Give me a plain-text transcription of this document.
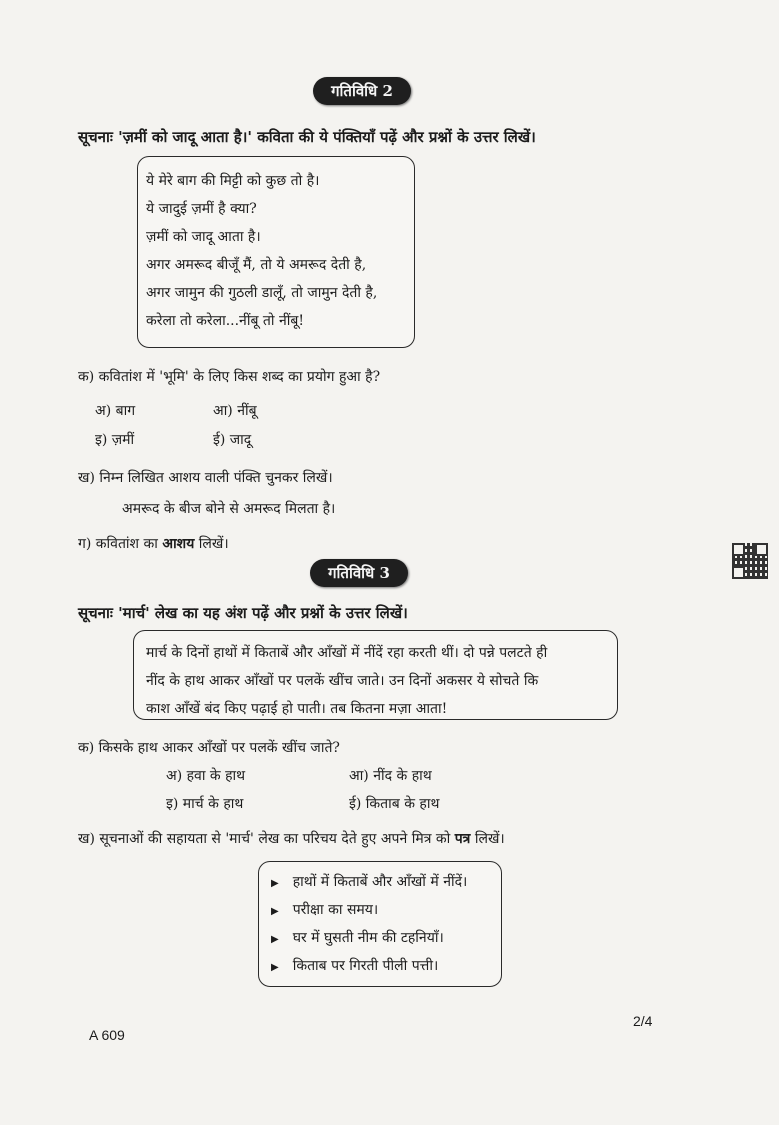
गतिविधि 2
सूचनाः 'ज़मीं को जादू आता है।' कविता की ये पंक्तियाँ पढ़ें और प्रश्नों के उत्तर लिखें।
ये मेरे बाग की मिट्टी को कुछ तो है।
ये जादुई ज़मीं है क्या?
ज़मीं को जादू आता है।
अगर अमरूद बीजूँ मैं, तो ये अमरूद देती है,
अगर जामुन की गुठली डालूँ, तो जामुन देती है,
करेला तो करेला...नींबू तो नींबू!
क) कवितांश में 'भूमि' के लिए किस शब्द का प्रयोग हुआ है?
अ) बाग	आ) नींबू
इ) ज़मीं	ई) जादू
ख) निम्न लिखित आशय वाली पंक्ति चुनकर लिखें।
अमरूद के बीज बोने से अमरूद मिलता है।
ग) कवितांश का आशय लिखें।
गतिविधि 3
सूचनाः 'मार्च' लेख का यह अंश पढ़ें और प्रश्नों के उत्तर लिखें।
मार्च के दिनों हाथों में किताबें और आँखों में नींदें रहा करती थीं। दो पन्ने पलटते ही
नींद के हाथ आकर आँखों पर पलकें खींच जाते। उन दिनों अकसर ये सोचते कि
काश आँखें बंद किए पढ़ाई हो पाती। तब कितना मज़ा आता!
क) किसके हाथ आकर आँखों पर पलकें खींच जाते?
अ) हवा के हाथ	आ) नींद के हाथ
इ) मार्च के हाथ	ई) किताब के हाथ
ख) सूचनाओं की सहायता से 'मार्च' लेख का परिचय देते हुए अपने मित्र को पत्र लिखें।
▶ हाथों में किताबें और आँखों में नींदें।
▶ परीक्षा का समय।
▶ घर में घुसती नीम की टहनियाँ।
▶ किताब पर गिरती पीली पत्ती।
A 609
2/4
